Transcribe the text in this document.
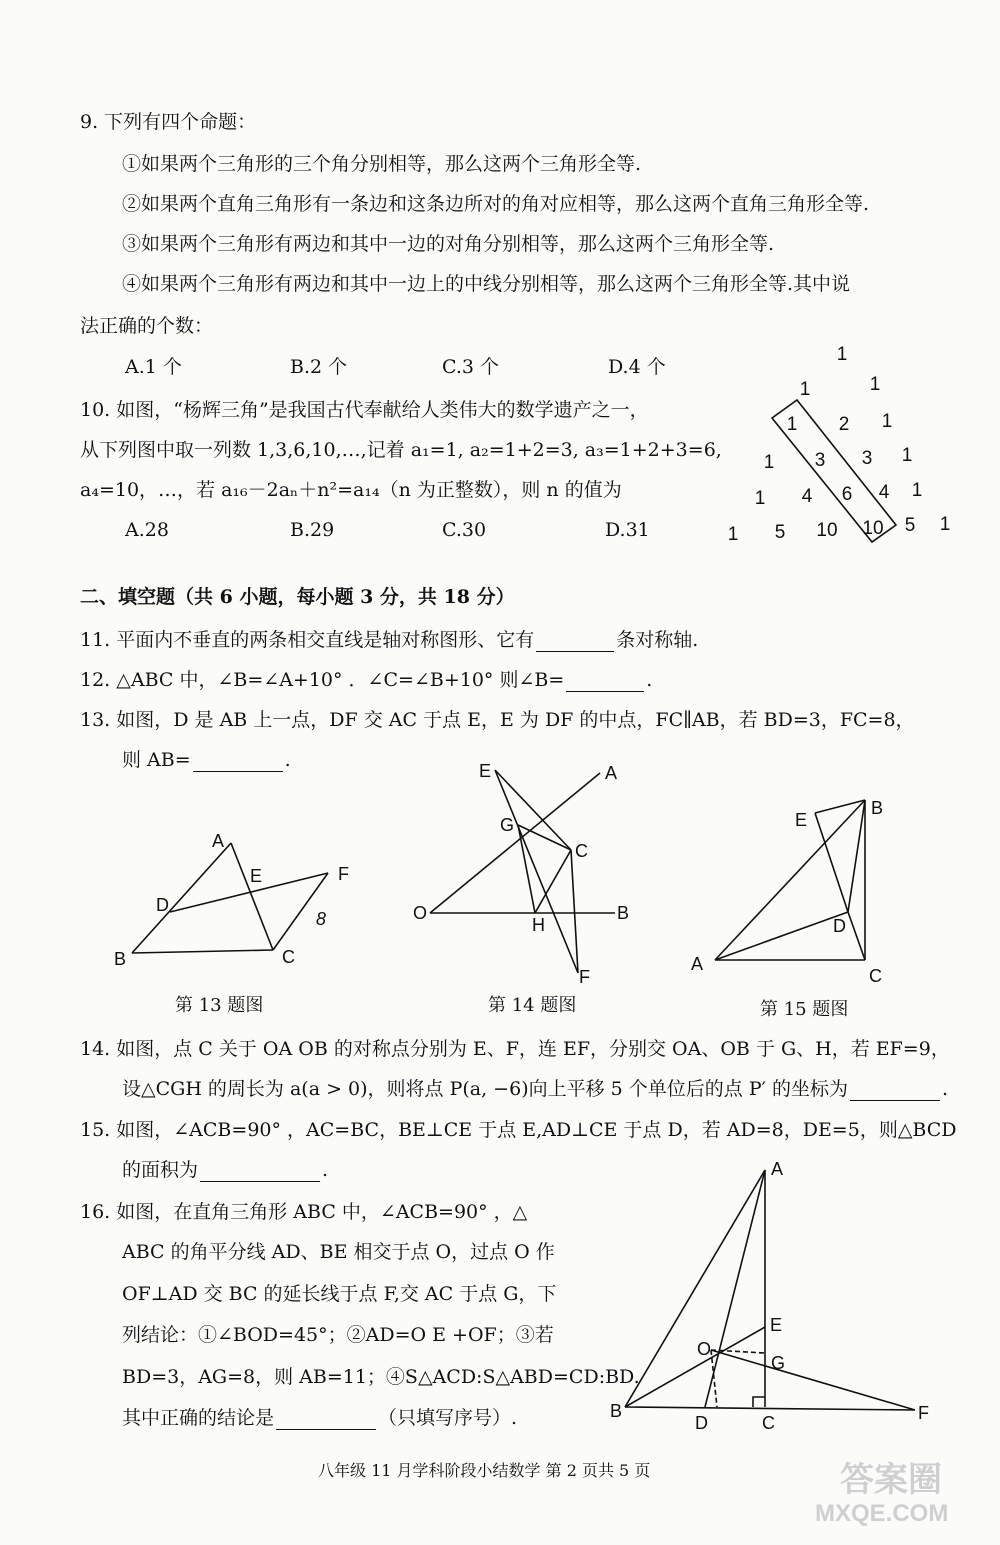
9. 下列有四个命题：
①如果两个三角形的三个角分别相等，那么这两个三角形全等.
②如果两个直角三角形有一条边和这条边所对的角对应相等，那么这两个直角三角形全等.
③如果两个三角形有两边和其中一边的对角分别相等，那么这两个三角形全等.
④如果两个三角形有两边和其中一边上的中线分别相等，那么这两个三角形全等.其中说
法正确的个数：
A.1 个	B.2 个	C.3 个	D.4 个
10. 如图，“杨辉三角”是我国古代奉献给人类伟大的数学遗产之一，
从下列图中取一列数 1,3,6,10,…,记着 a₁=1, a₂=1+2=3, a₃=1+2+3=6,
a₄=10，…，若 a₁₆－2aₙ＋n²=a₁₄（n 为正整数），则 n 的值为
A.28	B.29	C.30	D.31
1
1	1
1 2 1
1 3 3 1
1 4 6 4 1
1 5 10 10 5 1
二、填空题（共 6 小题，每小题 3 分，共 18 分）
11. 平面内不垂直的两条相交直线是轴对称图形、它有	条对称轴.
12. △ABC 中，∠B=∠A+10° ．∠C=∠B+10° 则∠B=	.
13. 如图，D 是 AB 上一点，DF 交 AC 于点 E，E 为 DF 的中点，FC∥AB，若 BD=3，FC=8，
则 AB=	.
A
E	F
D
B	C
8
第 13 题图
E	A
G
C
O
H
B
F
第 14 题图
B
E
D
A
C
第 15 题图
14. 如图，点 C 关于 OA OB 的对称点分别为 E、F，连 EF，分别交 OA、OB 于 G、H，若 EF=9，
设△CGH 的周长为 a(a > 0)，则将点 P(a, −6)向上平移 5 个单位后的点 P′ 的坐标为	.
15. 如图，∠ACB=90° ，AC=BC，BE⊥CE 于点 E,AD⊥CE 于点 D，若 AD=8，DE=5，则△BCD
的面积为	.
16. 如图，在直角三角形 ABC 中，∠ACB=90° ，△
ABC 的角平分线 AD、BE 相交于点 O，过点 O 作
OF⊥AD 交 BC 的延长线于点 F,交 AC 于点 G，下
列结论：①∠BOD=45°；②AD=O E +OF；③若
BD=3，AG=8，则 AB=11；④S△ACD:S△ABD=CD:BD.
其中正确的结论是	（只填写序号）.
A
E
O
G
B
D	C	F
八年级 11 月学科阶段小结数学 第 2 页共 5 页	答案圈
MXQE.COM
